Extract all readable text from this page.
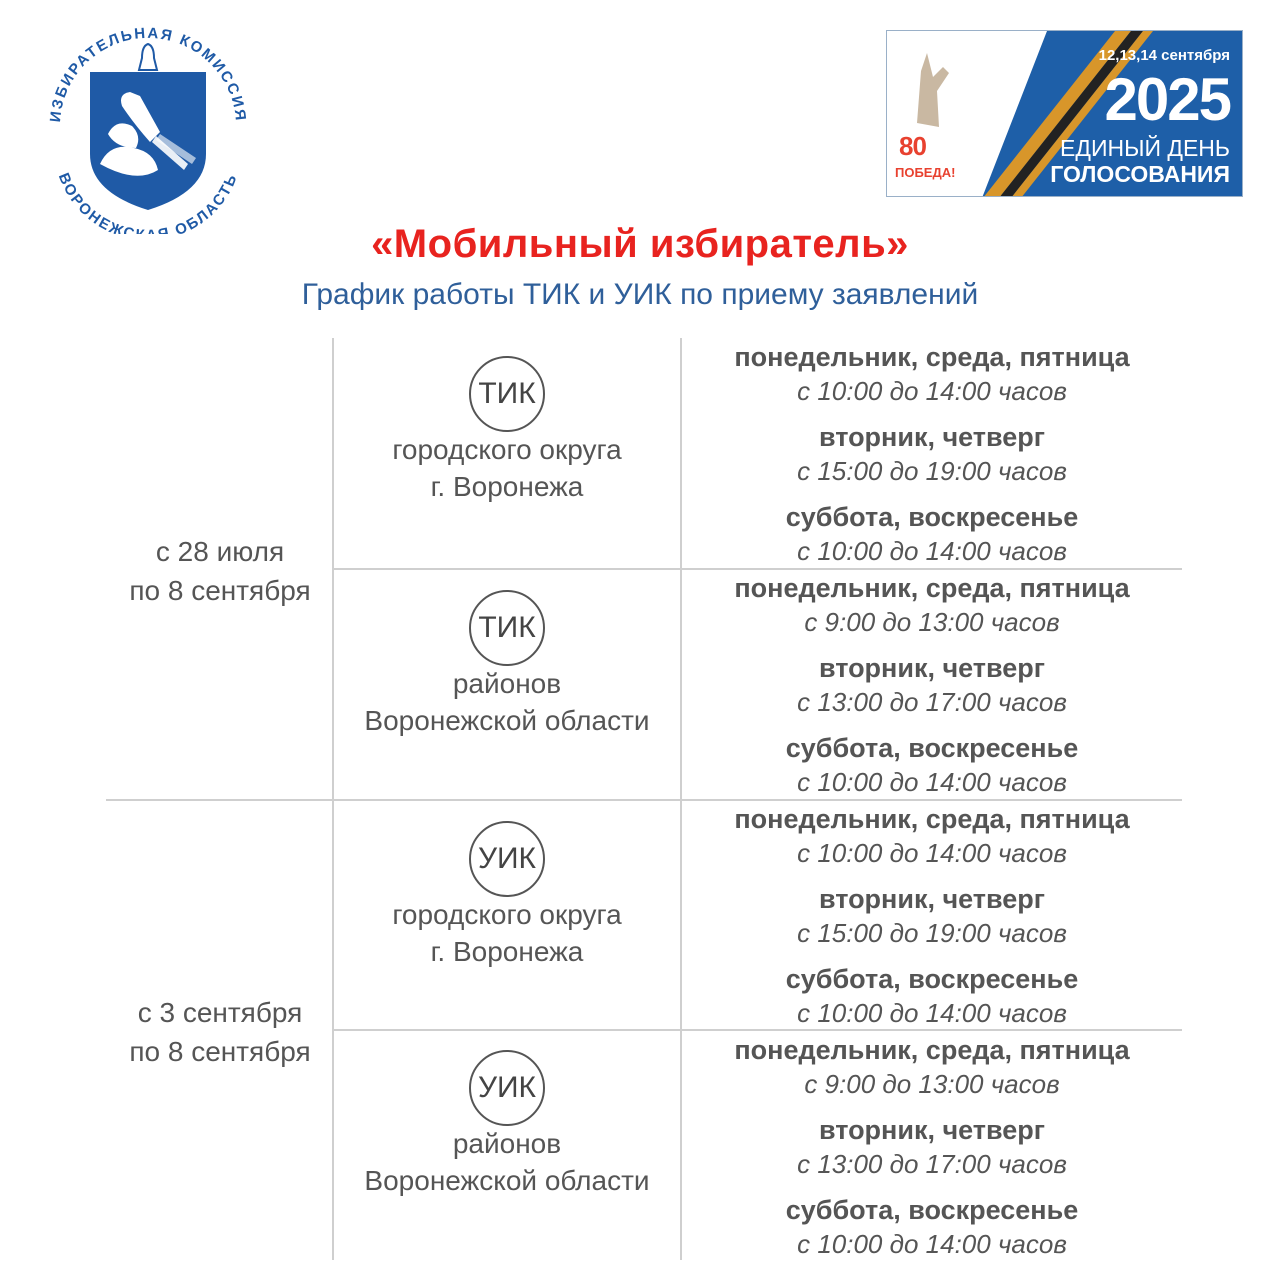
ИЗБИРАТЕЛЬНАЯ КОМИССИЯ
ВОРОНЕЖС Я ОБЛАСТЬ
80
ПОБЕДА!
12,13,14 сентября
2025
ЕДИНЫЙ ДЕНЬ
ГОЛОСОВАНИЯ
«Мобильный избиратель»
График работы ТИК и УИК по приему заявлений
с 28 июля
по 8 сентября
ТИК
городского округа
г. Воронежа
понедельник, среда, пятница
с 10:00 до 14:00 часов
вторник, четверг
с 15:00 до 19:00 часов
суббота, воскресенье
с 10:00 до 14:00 часов
ТИК
районов
Воронежской области
понедельник, среда, пятница
с 9:00 до 13:00 часов
вторник, четверг
с 13:00 до 17:00 часов
суббота, воскресенье
с 10:00 до 14:00 часов
с 3 сентября
по 8 сентября
УИК
городского округа
г. Воронежа
понедельник, среда, пятница
с 10:00 до 14:00 часов
вторник, четверг
с 15:00 до 19:00 часов
суббота, воскресенье
с 10:00 до 14:00 часов
УИК
районов
Воронежской области
понедельник, среда, пятница
с 9:00 до 13:00 часов
вторник, четверг
с 13:00 до 17:00 часов
суббота, воскресенье
с 10:00 до 14:00 часов
